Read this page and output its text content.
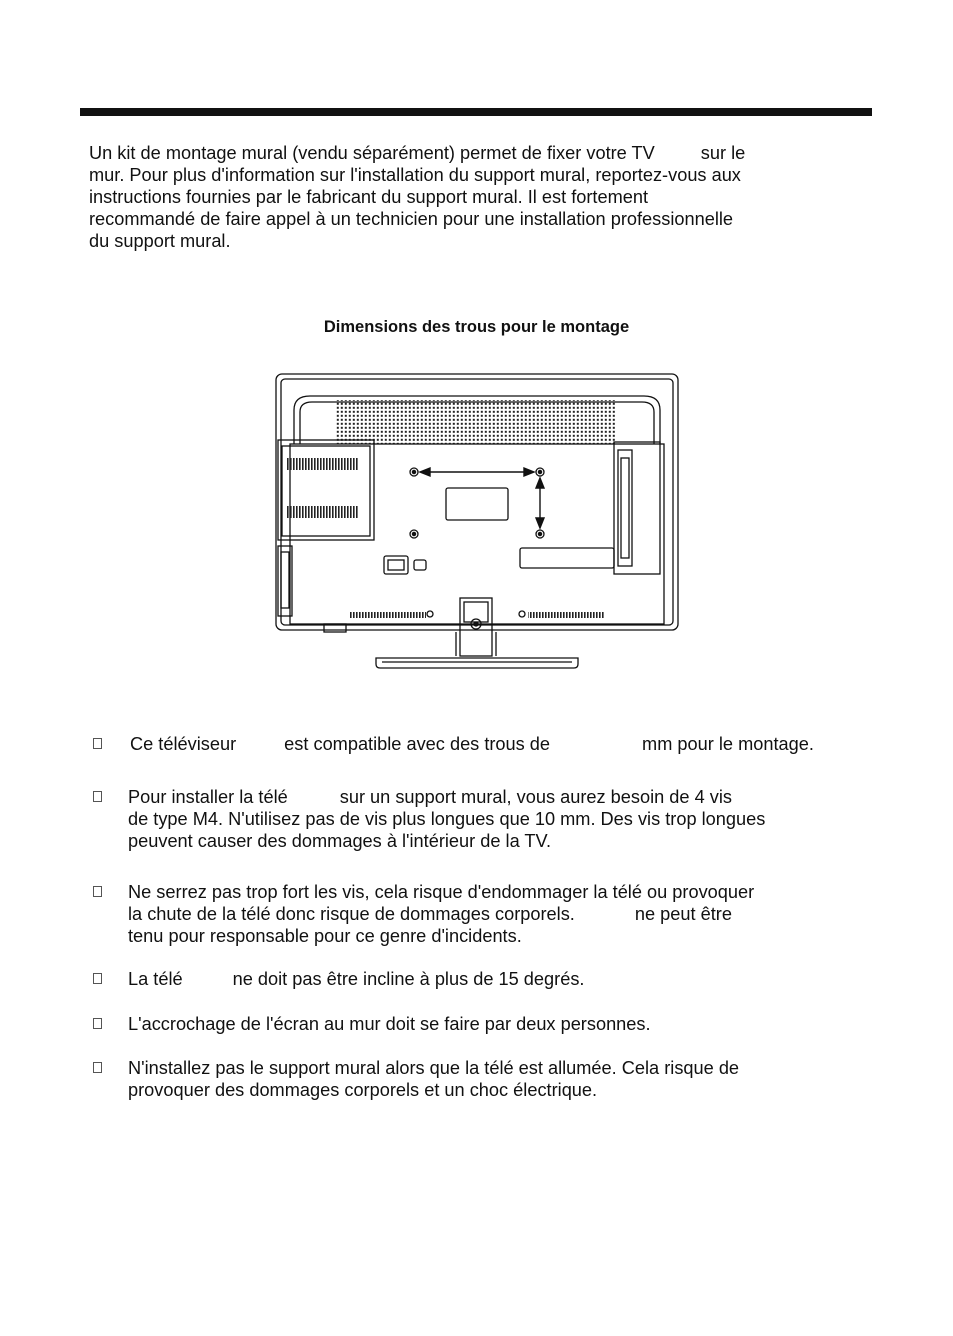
Un kit de montage mural (vendu séparément) permet de fixer votre TV	sur le
mur. Pour plus d'information sur l'installation du support mural, reportez-vous aux
instructions fournies par le fabricant du support mural. Il est fortement
recommandé de faire appel à un technicien pour une installation professionnelle
du support mural.

Dimensions des trous pour le montage
Ce téléviseur	est compatible avec des trous de	mm pour le montage.
Pour installer la télé	sur un support mural, vous aurez besoin de 4 vis
de type M4. N'utilisez pas de vis plus longues que 10 mm. Des vis trop longues
peuvent causer des dommages à l'intérieur de la TV.
Ne serrez pas trop fort les vis, cela risque d'endommager la télé ou provoquer
la chute de la télé donc risque de dommages corporels.	ne peut être
tenu pour responsable pour ce genre d'incidents.
La télé	ne doit pas être incline à plus de 15 degrés.
L'accrochage de l'écran au mur doit se faire par deux personnes.
N'installez pas le support mural alors que la télé est allumée. Cela risque de
provoquer des dommages corporels et un choc électrique.
